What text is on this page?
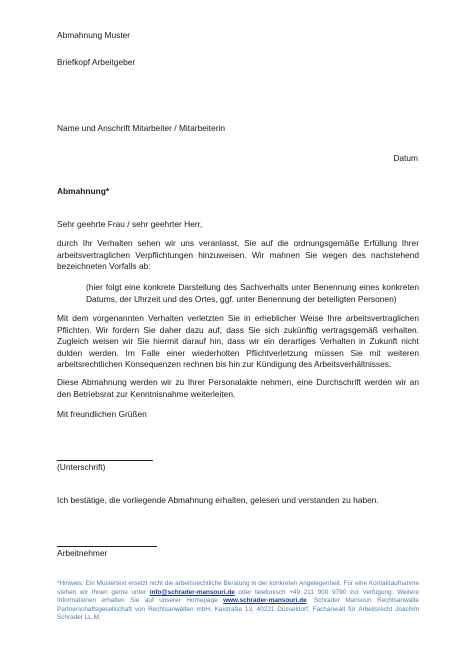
Abmahnung Muster
Briefkopf Arbeitgeber
Name und Anschrift Mitarbeiter / Mitarbeiterin
Datum
Abmahnung*
Sehr geehrte Frau / sehr geehrter Herr,
durch Ihr Verhalten sehen wir uns veranlasst, Sie auf die ordnungsgemäße Erfüllung Ihrer arbeitsvertraglichen Verpflichtungen hinzuweisen. Wir mahnen Sie wegen des nachstehend bezeichneten Vorfalls ab:
(hier folgt eine konkrete Darstellung des Sachverhalts unter Benennung eines konkreten Datums, der Uhrzeit und des Ortes, ggf. unter Benennung der beteiligten Personen)
Mit dem vorgenannten Verhalten verletzten Sie in erheblicher Weise Ihre arbeitsvertraglichen Pflichten. Wir fordern Sie daher dazu auf, dass Sie sich zukünftig vertragsgemäß verhalten. Zugleich weisen wir Sie hiermit darauf hin, dass wir ein derartiges Verhalten in Zukunft nicht dulden werden. Im Falle einer wiederholten Pflichtverletzung müssen Sie mit weiteren arbeitsrechtlichen Konsequenzen rechnen bis hin zur Kündigung des Arbeitsverhältnisses.
Diese Abmahnung werden wir zu Ihrer Personalakte nehmen, eine Durchschrift werden wir an den Betriebsrat zur Kenntnisnahme weiterleiten.
Mit freundlichen Grüßen
(Unterschrift)
Ich bestätige, die vorliegende Abmahnung erhalten, gelesen und verstanden zu haben.
Arbeitnehmer
*Hinweis: Ein Mustertext ersetzt nicht die arbeitsrechtliche Beratung in der konkreten Angelegenheit. Für eine Kontaktaufnahme stehen wir Ihnen gerne unter info@schrader-mansouri.de oder telefonisch +49 211 900 9790 zur Verfügung. Weitere Informationen erhalten Sie auf unserer Homepage www.schrader-mansouri.de. Schrader Mansouri Rechtsanwälte Partnerschaftsgesellschaft von Rechtsanwälten mbH, Kaistraße 13, 40221 Düsseldorf, Fachanwalt für Arbeitsrecht Joachim Schrader LL.M.
